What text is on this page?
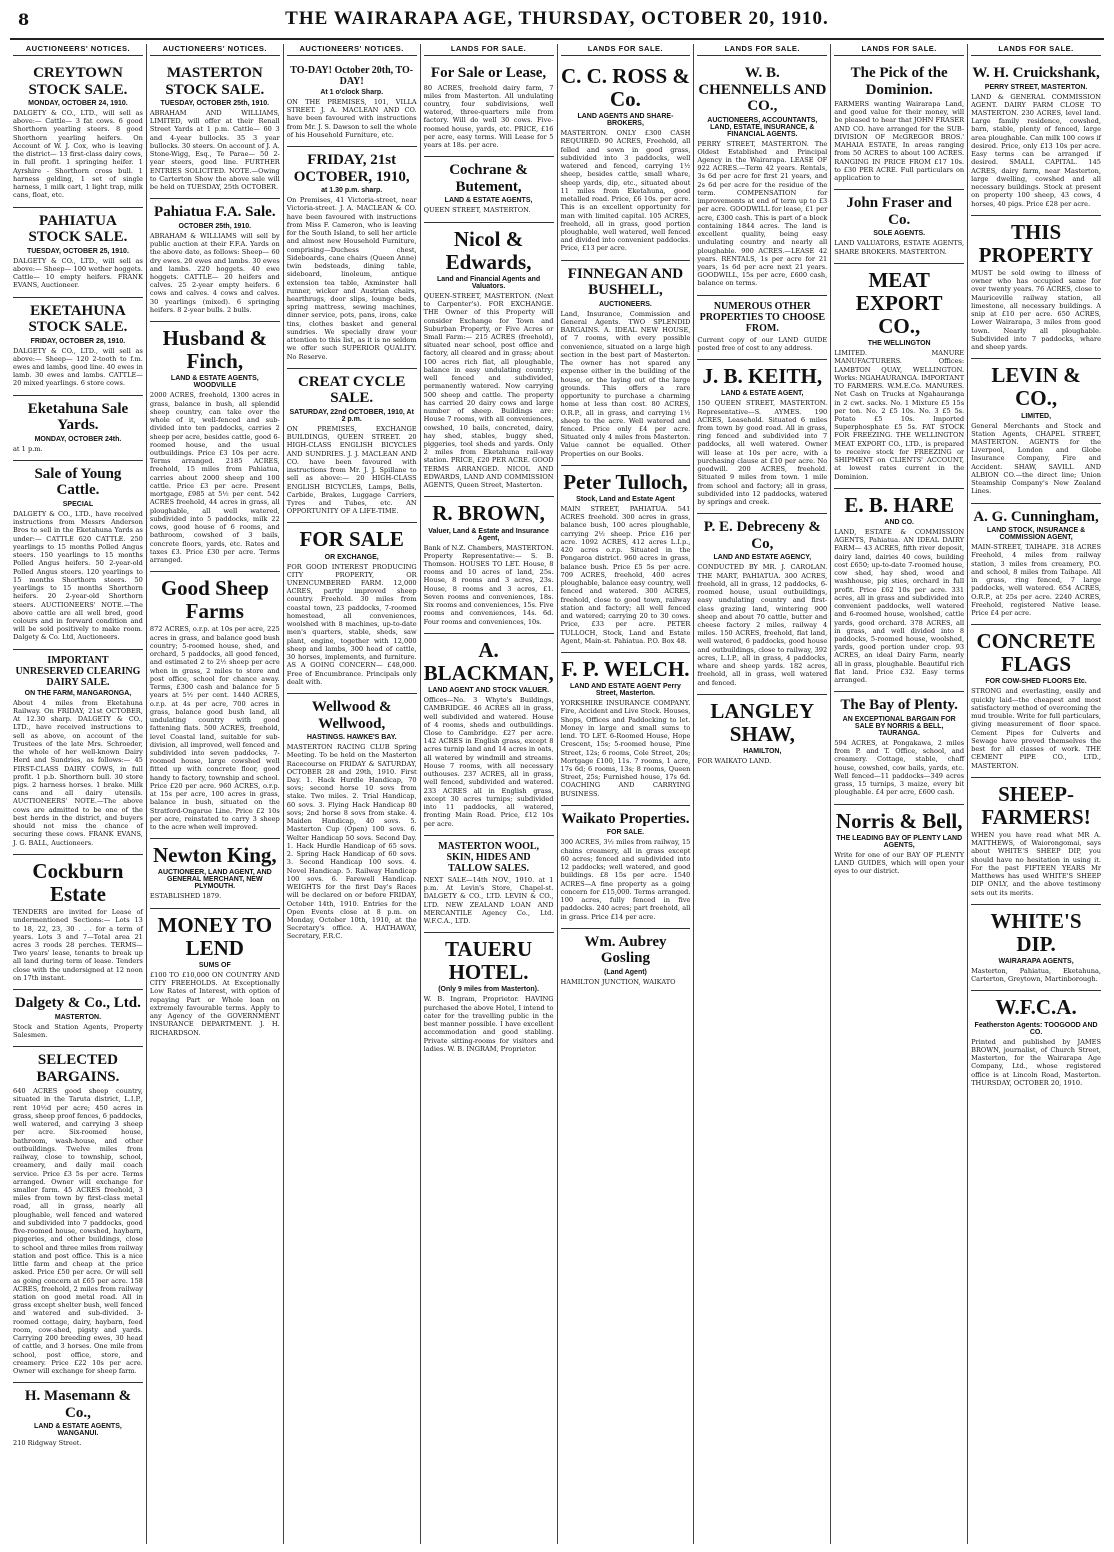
8	THE WAIRARAPA AGE, THURSDAY, OCTOBER 20, 1910.
AUCTIONEERS' NOTICES.
CREYTOWN STOCK SALE.
MONDAY, OCTOBER 24, 1910.
DALGETY & CO., LTD., will sell as above:— Cattle— 3 fat cows. 6 good Shorthorn yearling steers. 8 good Shorthorn yearling heifers. On Account of W. J. Cox, who is leaving the district— 13 first-class dairy cows, in full profit. 1 springing heifer. 1 Ayrshire - Shorthorn cross bull. 1 harness gelding, 1 set of single harness, 1 milk cart, 1 light trap, milk cans, float, etc.
PAHIATUA STOCK SALE.
TUESDAY, OCTOBER 25, 1910.
DALGETY & CO., LTD., will sell as above:— Sheep— 100 wether hoggets. Cattle— 10 empty heifers. FRANK EVANS, Auctioneer.
EKETAHUNA STOCK SALE.
FRIDAY, OCTOBER 28, 1910.
DALGETY & CO., LTD., will sell as above:— Sheep— 120 2-tooth to f.m. ewes and lambs, good line. 40 ewes in lamb. 30 ewes and lambs. CATTLE— 20 mixed yearlings. 6 store cows.
Eketahuna Sale Yards.
MONDAY, OCTOBER 24th.
at 1 p.m.
Sale of Young Cattle.
SPECIAL
DALGETY & CO., LTD., have received instructions from Messrs Anderson Bros to sell in the Eketahuna Yards as under:— CATTLE 620 CATTLE. 250 yearlings to 15 months Polled Angus steers. 150 yearlings to 15 months Polled Angus heifers. 50 2-year-old Polled Angus steers. 120 yearlings to 15 months Shorthorn steers. 50 yearlings to 15 months Shorthorn heifers. 20 2-year-old Shorthorn steers. AUCTIONEERS' NOTE.—The above cattle are all well bred, good colours and in forward condition and will be sold positively to make room. Dalgety & Co. Ltd, Auctioneers.
IMPORTANT UNRESERVED CLEARING DAIRY SALE.
ON THE FARM, MANGARONGA,
About 4 miles from Eketahuna Railway. On FRIDAY, 21st OCTOBER, At 12.30 sharp. DALGETY & CO., LTD., have received instructions to sell as above, on account of the Trustees of the late Mrs. Schroeder, the whole of her well-known Dairy Herd and Sundries, as follows:— 45 FIRST-CLASS DAIRY COWS, in full profit. 1 p.b. Shorthorn bull. 30 store pigs. 2 harness horses. 1 brake. Milk cans and all dairy utensils. AUCTIONEERS' NOTE.—The above cows are admitted to be one of the best herds in the district, and buyers should not miss the chance of securing these cows. FRANK EVANS, J. G. BALL, Auctioneers.
Cockburn Estate
TENDERS are invited for Lease of undermentioned Sections:— Lots 13 to 18, 22, 23, 30 . . . for a term of years. Lots 3 and 7—Total area 21 acres 3 roods 28 perches. TERMS—Two years' lease, tenants to break up all land during term of lease. Tenders close with the undersigned at 12 noon on 17th instant.
Dalgety & Co., Ltd.
MASTERTON.
Stock and Station Agents, Property Salesmen.
SELECTED BARGAINS.
640 ACRES good sheep country, situated in the Taruta district, L.I.P., rent 10½d per acre; 450 acres in grass, sheep proof fences, 6 paddocks, well watered, and carrying 3 sheep per acre. Six-roomed house, bathroom, wash-house, and other outbuildings. Twelve miles from railway, close to township, school, creamery, and daily mail coach service. Price £3 5s per acre. Terms arranged. Owner will exchange for smaller farm. 45 ACRES freehold, 3 miles from town by first-class metal road, all in grass, nearly all ploughable, well fenced and watered and subdivided into 7 paddocks, good five-roomed house, cowshed, haybarn, piggeries, and other buildings, close to school and three miles from railway station and post office. This is a nice little farm and cheap at the price asked. Price £50 per acre. Or will sell as going concern at £65 per acre. 158 ACRES, freehold, 2 miles from railway station on good metal road. All in grass except shelter bush, well fenced and watered and sub-divided. 3-roomed cottage, dairy, haybarn, feed room, cow-shed, pigsty and yards. Carrying 200 breeding ewes, 30 head of cattle, and 3 horses. One mile from school, post office, store, and creamery. Price £22 10s per acre. Owner will exchange for sheep farm.
H. Masemann & Co.,
LAND & ESTATE AGENTS, WANGANUI.
210 Ridgway Street.
AUCTIONEERS' NOTICES.
MASTERTON STOCK SALE.
TUESDAY, OCTOBER 25th, 1910.
ABRAHAM AND WILLIAMS, LIMITED, will offer at their Renall Street Yards at 1 p.m. Cattle— 60 3 and 4-year bullocks. 35 3 year bullocks. 30 steers. On account of J. A. Stone-Wigg, Esq., Te Parae— 50 2-year steers, good line. FURTHER ENTRIES SOLICITED. NOTE.—Owing to Carterton Show the above sale will be held on TUESDAY, 25th OCTOBER.
Pahiatua F.A. Sale.
OCTOBER 25th, 1910.
ABRAHAM & WILLIAMS will sell by public auction at their F.F.A. Yards on the above date, as follows: Sheep— 60 dry ewes. 20 ewes and lambs. 30 ewes and lambs. 220 hoggets. 40 ewe hoggets. CATTLE— 20 heifers and calves. 25 2-year empty heifers. 6 cows and calves. 4 cows and calves. 30 yearlings (mixed). 6 springing heifers. 8 2-year bulls. 2 bulls.
Husband & Finch,
LAND & ESTATE AGENTS, WOODVILLE
2000 ACRES, freehold, 1300 acres in grass, balance in bush, all splendid sheep country, can take over the whole of it, well-fenced and sub-divided into ten paddocks, carries 2 sheep per acre, besides cattle, good 6-roomed house, and the usual outbuildings. Price £3 10s per acre. Terms arranged. 2185 ACRES, freehold, 15 miles from Pahiatua, carries about 2000 sheep and 100 cattle. Price £3 per acre. Present mortgage, £985 at 5½ per cent. 542 ACRES freehold, 44 acres in grass, all ploughable, all well watered, subdivided into 5 paddocks, milk 22 cows, good house of 6 rooms, and bathroom, cowshed of 3 bails, concrete floors, yards, etc. Rates and taxes £3. Price £30 per acre. Terms arranged.
Good Sheep Farms
872 ACRES, o.r.p. at 10s per acre, 225 acres in grass, and balance good bush country; 5-roomed house, shed, and orchard, 5 paddocks, all good fenced, and estimated 2 to 2½ sheep per acre when in grass, 2 miles to store and post office, school for chance away. Terms, £300 cash and balance for 5 years at 5½ per cent. 1440 ACRES, o.r.p. at 4s per acre, 700 acres in grass, balance good bush land, all undulating country with good fattening flats. 500 ACRES, freehold, level Coastal land, suitable for sub-division, all improved, well fenced and subdivided into seven paddocks, 7-roomed house, large cowshed well fitted up with concrete floor, good handy to factory, township and school. Price £20 per acre. 960 ACRES, o.r.p. at 15s per acre, 100 acres in grass, balance in bush, situated on the Stratford-Ongarue Line. Price £2 10s per acre, reinstated to carry 3 sheep to the acre when well improved.
Newton King,
AUCTIONEER, LAND AGENT, AND GENERAL MERCHANT, NEW PLYMOUTH.
ESTABLISHED 1879.
MONEY TO LEND
SUMS OF
£100 TO £10,000 ON COUNTRY AND CITY FREEHOLDS. At Exceptionally Low Rates of Interest, with option of repaying Part or Whole loan on extremely favourable terms. Apply to any Agency of the GOVERNMENT INSURANCE DEPARTMENT. J. H. RICHARDSON.
AUCTIONEERS' NOTICES.
TO-DAY! October 20th, TO-DAY!
At 1 o'clock Sharp.
ON THE PREMISES, 101, VILLA STREET. J. A. MACLEAN AND CO. have been favoured with instructions from Mr. J. S. Dawson to sell the whole of his Household Furniture, etc.
FRIDAY, 21st OCTOBER, 1910,
at 1.30 p.m. sharp.
On Premises, 41 Victoria-street, near Victoria-street. J. A. MACLEAN & CO. have been favoured with instructions from Miss F. Cameron, who is leaving for the South Island, to sell her article and almost new Household Furniture, comprising—Duchess chest, Sideboards, cane chairs (Queen Anne) twin bedsteads, dining table, sideboard, linoleum, antique extension tea table, Axminster hall runner, wicker and Austrian chairs, hearthrugs, door slips, lounge beds, spring mattress, sewing machines, dinner service, pots, pans, irons, cake tins, clothes basket and general sundries. We specially draw your attention to this list, as it is no seldom we offer such SUPERIOR QUALITY. No Reserve.
CREAT CYCLE SALE.
SATURDAY, 22nd OCTOBER, 1910, At 2 p.m.
ON PREMISES, EXCHANGE BUILDINGS, QUEEN STREET. 20 HIGH-CLASS ENGLISH BICYCLES AND SUNDRIES. J. J. MACLEAN AND CO. have been favoured with instructions from Mr. J. J. Spillane to sell as above:— 20 HIGH-CLASS ENGLISH BICYCLES, Lamps, Bells, Carbide, Brakes, Luggage Carriers, Tyres and Tubes, etc. AN OPPORTUNITY OF A LIFE-TIME.
FOR SALE
OR EXCHANGE,
FOR GOOD INTEREST PRODUCING CITY PROPERTY, OR UNENCUMBERED FARM. 12,000 ACRES, partly improved sheep country. Freehold. 30 miles from coastal town, 23 paddocks, 7-roomed homestead, all conveniences, woolshed with 8 machines, up-to-date men's quarters, stable, sheds, saw plant, engine, together with 12,000 sheep and lambs, 300 head of cattle, 30 horses, implements, and furniture. AS A GOING CONCERN— £48,000. Free of Encumbrance. Principals only dealt with.
Wellwood & Wellwood,
HASTINGS. HAWKE'S BAY.
MASTERTON RACING CLUB Spring Meeting. To be held on the Masterton Racecourse on FRIDAY & SATURDAY, OCTOBER 28 and 29th, 1910. First Day. 1. Hack Hurdle Handicap, 70 sovs; second horse 10 sovs from stake. Two miles. 2. Trial Handicap, 60 sovs. 3. Flying Hack Handicap 80 sovs; 2nd horse 8 sovs from stake. 4. Maiden Handicap, 40 sovs. 5. Masterton Cup (Open) 100 sovs. 6. Welter Handicap 50 sovs. Second Day. 1. Hack Hurdle Handicap of 65 sovs. 2. Spring Hack Handicap of 60 sovs. 3. Second Handicap 100 sovs. 4. Novel Handicap. 5. Railway Handicap 100 sovs. 6. Farewell Handicap. WEIGHTS for the first Day's Races will be declared on or before FRIDAY, October 14th, 1910. Entries for the Open Events close at 8 p.m. on Monday, October 10th, 1910, at the Secretary's office. A. HATHAWAY, Secretary, F.R.C.
LANDS FOR SALE.
For Sale or Lease,
80 ACRES, freehold dairy farm, 7 miles from Masterton. All undulating country, four subdivisions, well watered, three-quarters mile from factory. Will do well 30 cows. Five-roomed house, yards, etc. PRICE, £16 per acre, easy terms. Will Lease for 5 years at 18s. per acre.
Cochrane & Butement,
LAND & ESTATE AGENTS,
QUEEN STREET, MASTERTON.
Nicol & Edwards,
Land and Financial Agents and Valuators.
QUEEN-STREET, MASTERTON. (Next to Carpenter's). FOR EXCHANGE. THE Owner of this Property will consider Exchange for Town and Suburban Property, or Five Acres or Small Farm:— 215 ACRES (freehold), situated near school, post office and factory, all cleared and in grass; about 100 acres rich flat, all ploughable, balance in easy undulating country; well fenced and subdivided, permanently watered. Now carrying 500 sheep and cattle. The property has carried 20 dairy cows and large number of sheep. Buildings are: House 7 rooms, with all conveniences, cowshed, 10 bails, concreted, dairy, hay shed, stables, buggy shed, piggeries, tool sheds and yards. Only 2 miles from Eketahuna rail-way station. PRICE, £20 PER ACRE. GOOD TERMS ARRANGED. NICOL AND EDWARDS, LAND AND COMMISSION AGENTS, Queen Street, Masterton.
R. BROWN,
Valuer, Land & Estate and Insurance Agent,
Bank of N.Z. Chambers, MASTERTON. Property Representative:— S. B. Thomson. HOUSES TO LET. House, 8 rooms and 10 acres of land, 25s. House, 8 rooms and 3 acres, 23s. House, 8 rooms and 3 acres, £1. Seven rooms and conveniences, 18s. Six rooms and conveniences, 15s. Five rooms and conveniences, 14s. 6d. Four rooms and conveniences, 10s.
A. BLACKMAN,
LAND AGENT AND STOCK VALUER.
Offices—No. 3 Whyte's Buildings, CAMBRIDGE. 46 ACRES all in grass, well subdivided and watered. House of 4 rooms, sheds and outbuildings. Close to Cambridge. £27 per acre. 142 ACRES in English grass, except 8 acres turnip land and 14 acres in oats, all watered by windmill and streams. House 7 rooms, with all necessary outhouses. 237 ACRES, all in grass, well fenced, subdivided and watered. 233 ACRES all in English grass, except 30 acres turnips; subdivided into 11 paddocks, all watered, fronting Main Road. Price, £12 10s per acre.
MASTERTON WOOL, SKIN, HIDES AND TALLOW SALES.
NEXT SALE—14th NOV., 1910. at 1 p.m. At Levin's Store, Chapel-st. DALGETY & CO., LTD. LEVIN & CO., LTD. NEW ZEALAND LOAN AND MERCANTILE Agency Co., Ltd. W.F.C.A., LTD.
TAUERU HOTEL.
(Only 9 miles from Masterton).
W. B. Ingram, Proprietor. HAVING purchased the above Hotel, I intend to cater for the travelling public in the best manner possible. I have excellent accommodation and good stabling. Private sitting-rooms for visitors and ladies. W. B. INGRAM, Proprietor.
LANDS FOR SALE.
C. C. ROSS & Co.
LAND AGENTS AND SHARE-BROKERS,
MASTERTON. ONLY £300 CASH REQUIRED. 90 ACRES, Freehold, all felled and sown in good grass, subdivided into 3 paddocks, well watered and fenced, carrying 1½ sheep, besides cattle, small whare, sheep yards, dip, etc., situated about 11 miles from Eketahuna, good metalled road. Price, £6 10s. per acre. This is an excellent opportunity for man with limited capital. 105 ACRES, freehold, all in grass, good portion ploughable, well watered, well fenced and divided into convenient paddocks. Price, £13 per acre.
FINNEGAN AND BUSHELL,
AUCTIONEERS.
Land, Insurance, Commission and General Agents. TWO SPLENDID BARGAINS. A. IDEAL NEW HOUSE, of 7 rooms, with every possible convenience, situated on a large high section in the best part of Masterton. The owner has not spared any expense either in the building of the house, or the laying out of the large grounds. This offers a rare opportunity to purchase a charming home at less than cost. 80 ACRES, O.R.P., all in grass, and carrying 1½ sheep to the acre. Well watered and fenced. Price only £4 per acre. Situated only 4 miles from Masterton. Value cannot be equalled. Other Properties on our Books.
Peter Tulloch,
Stock, Land and Estate Agent
MAIN STREET, PAHIATUA. 541 ACRES freehold. 300 acres in grass, balance bush, 100 acres ploughable, carrying 2½ sheep. Price £16 per acre. 1092 ACRES, 412 acres L.I.p., 420 acres o.r.p. Situated in the Pongaroa district. 960 acres in grass, balance bush. Price £5 5s per acre. 709 ACRES, freehold, 400 acres ploughable, balance easy country, well fenced and watered. 300 ACRES, freehold, close to good town, railway station and factory; all well fenced and watered; carrying 20 to 30 cows. Price, £33 per acre. PETER TULLOCH, Stock, Land and Estate Agent, Main-st. Pahiatua. P.O. Box 48.
F. P. WELCH.
LAND AND ESTATE AGENT Perry Street, Masterton.
YORKSHIRE INSURANCE COMPANY. Fire, Accident and Live Stock. Houses, Shops, Offices and Paddocking to let. Money in large and small sums to lend. TO LET. 6-Roomed House, Hope Crescent, 15s; 5-roomed house, Pine Street, 12s; 6 rooms, Cole Street, 20s; Mortgage £100, 11s. 7 rooms, 1 acre, 17s 6d; 6 rooms, 13s; 8 rooms, Queen Street, 25s; Furnished house, 17s 6d. COACHING AND CARRYING BUSINESS.
Waikato Properties.
FOR SALE.
300 ACRES, 3½ miles from railway, 15 chains creamery, all in grass except 60 acres; fenced and subdivided into 12 paddocks; well watered, and good buildings. £8 15s per acre. 1540 ACRES—A fine property as a going concern for £15,000. Terms arranged. 100 acres, fully fenced in five paddocks. 240 acres; part freehold, all in grass. Price £14 per acre.
Wm. Aubrey Gosling
(Land Agent)
HAMILTON JUNCTION, WAIKATO
LANDS FOR SALE.
W. B. CHENNELLS AND CO.,
AUCTIONEERS, ACCOUNTANTS, LAND, ESTATE, INSURANCE, & FINANCIAL AGENTS.
PERRY STREET, MASTERTON. The Oldest Established and Principal Agency in the Wairarapa. LEASE OF 922 ACRES.—Term 42 years. Rentals, 3s 6d per acre for first 21 years, and 2s 6d per acre for the residue of the term. COMPENSATION for improvements at end of term up to £3 per acre. GOODWILL for lease, £1 per acre, £300 cash. This is part of a block containing 1844 acres. The land is excellent quality, being easy undulating country and nearly all ploughable. 900 ACRES.—LEASE 42 years. RENTALS, 1s per acre for 21 years, 1s 6d per acre next 21 years. GOODWILL, 15s per acre, £600 cash, balance on terms.
NUMEROUS OTHER PROPERTIES TO CHOOSE FROM.
Current copy of our LAND GUIDE posted free of cost to any address.
J. B. KEITH,
LAND & ESTATE AGENT,
150 QUEEN STREET, MASTERTON. Representative—S. AYMES. 190 ACRES, Leasehold. Situated 6 miles from town by good road. All in grass, ring fenced and subdivided into 7 paddocks, all well watered. Owner will lease at 10s per acre, with a purchasing clause at £10 per acre. No goodwill. 200 ACRES, freehold. Situated 9 miles from town. 1 mile from school and factory; all in grass, subdivided into 12 paddocks, watered by springs and creek.
P. E. Debreceny & Co,
LAND AND ESTATE AGENCY,
CONDUCTED BY MR. J. CAROLAN. THE MART, PAHIATUA. 300 ACRES, freehold, all in grass, 12 paddocks, 6-roomed house, usual outbuildings, easy undulating country and first-class grazing land, wintering 900 sheep and about 70 cattle, butter and cheese factory 2 miles, railway 4 miles. 150 ACRES, freehold, flat land, well watered, 6 paddocks, good house and outbuildings, close to railway, 392 acres, L.I.P., all in grass, 4 paddocks, whare and sheep yards. 182 acres, freehold, all in grass, well watered and fenced.
LANGLEY SHAW,
HAMILTON,
FOR WAIKATO LAND.
LANDS FOR SALE.
The Pick of the Dominion.
FARMERS wanting Wairarapa Land, and good value for their money, will be pleased to hear that JOHN FRASER AND CO. have arranged for the SUB-DIVISION OF McGREGOR BROS.' MAHAIA ESTATE, In areas ranging from 50 ACRES to about 100 ACRES. RANGING IN PRICE FROM £17 10s. to £30 PER ACRE. Full particulars on application to
John Fraser and Co.
SOLE AGENTS.
LAND VALUATORS, ESTATE AGENTS, SHARE BROKERS. MASTERTON.
MEAT EXPORT CO.,
THE WELLINGTON
LIMITED. MANURE MANUFACTURERS. Offices: LAMBTON QUAY, WELLINGTON. Works: NGAHAURANGA. IMPORTANT TO FARMERS. W.M.E.Co. MANURES. Net Cash on Trucks at Ngahauranga in 2 cwt. sacks. No. 1 Mixture £5 15s per ton. No. 2 £5 10s. No. 3 £5 5s. Potato £5 10s. Imported Superphosphate £5 5s. FAT STOCK FOR FREEZING. THE WELLINGTON MEAT EXPORT CO., LTD., is prepared to receive stock for FREEZING or SHIPMENT on CLIENTS' ACCOUNT, at lowest rates current in the Dominion.
E. B. HARE
AND CO.
LAND, ESTATE & COMMISSION AGENTS, Pahiatua. AN IDEAL DAIRY FARM— 43 ACRES, fifth river deposit, dairy land, dairies 40 cows, building cost £650; up-to-date 7-roomed house, cow shed, hay shed, wood and washhouse, pig sties, orchard in full profit. Price £62 10s per acre. 331 acres, all in grass and subdivided into convenient paddocks, well watered and 6-roomed house, woolshed, cattle yards, good orchard. 378 ACRES, all in grass, and well divided into 8 paddocks, 5-roomed house, woolshed, yards, good portion under crop. 93 ACRES, an ideal Dairy Farm, nearly all in grass, ploughable. Beautiful rich flat land. Price £32. Easy terms arranged.
The Bay of Plenty.
AN EXCEPTIONAL BARGAIN FOR SALE BY NORRIS & BELL, TAURANGA.
594 ACRES, at Pongakawa, 2 miles from P. and T. Office, school, and creamery. Cottage, stable, chaff house, cowshed, cow bails, yards, etc. Well fenced—11 paddocks—349 acres grass, 15 turnips, 3 maize, every bit ploughable. £4 per acre, £600 cash.
Norris & Bell,
THE LEADING BAY OF PLENTY LAND AGENTS,
Write for one of our BAY OF PLENTY LAND GUIDES, which will open your eyes to our district.
LANDS FOR SALE.
W. H. Cruickshank,
PERRY STREET, MASTERTON.
LAND & GENERAL COMMISSION AGENT. DAIRY FARM CLOSE TO MASTERTON. 230 ACRES, level land. Large family residence, cowshed, barn, stable, plenty of fenced, large area ploughable. Can milk 100 cows if desired. Price, only £13 10s per acre. Easy terms can be arranged if desired. SMALL CAPITAL. 145 ACRES, dairy farm, near Masterton, large dwelling, cowshed and all necessary buildings. Stock at present on property 100 sheep, 43 cows, 4 horses, 40 pigs. Price £28 per acre.
THIS PROPERTY
MUST be sold owing to illness of owner who has occupied same for over twenty years. 76 ACRES, close to Mauriceville railway station, all limestone, all necessary buildings. A snip at £10 per acre. 650 ACRES, Lower Wairarapa, 3 miles from good town. Nearly all ploughable. Subdivided into 7 paddocks, whare and sheep yards.
LEVIN & CO.,
LIMITED,
General Merchants and Stock and Station Agents, CHAPEL STREET, MASTERTON. AGENTS for the Liverpool, London and Globe Insurance Company, Fire and Accident. SHAW, SAVILL AND ALBION CO.—the direct line; Union Steamship Company's New Zealand Lines.
A. G. Cunningham,
LAND STOCK, INSURANCE & COMMISSION AGENT,
MAIN-STREET, TAIHAPE. 318 ACRES Freehold, 4 miles from railway station, 3 miles from creamery, P.O. and school, 8 miles from Taihape. All in grass, ring fenced, 7 large paddocks, well watered. 654 ACRES, O.R.P., at 25s per acre. 2240 ACRES, Freehold, registered Native lease. Price £4 per acre.
CONCRETE FLAGS
FOR COW-SHED FLOORS Etc.
STRONG and everlasting, easily and quickly laid—the cheapest and most satisfactory method of overcoming the mud trouble. Write for full particulars, giving measurement of floor space. Cement Pipes for Culverts and Sewage have proved themselves the best for all classes of work. THE CEMENT PIPE CO., LTD., MASTERTON.
SHEEP-FARMERS!
WHEN you have read what MR A. MATTHEWS, of Waiorongomai, says about WHITE'S SHEEP DIP, you should have no hesitation in using it. For the past FIFTEEN YEARS Mr Matthews has used WHITE'S SHEEP DIP ONLY, and the above testimony sets out its merits.
WHITE'S DIP.
WAIRARAPA AGENTS,
Masterton, Pahiatua, Eketahuna, Carterton, Greytown, Martinborough.
W.F.C.A.
Featherston Agents: TOOGOOD AND CO.
Printed and published by JAMES BROWN, journalist, of Church Street, Masterton, for the Wairarapa Age Company, Ltd., whose registered office is at Lincoln Road, Masterton. THURSDAY, OCTOBER 20, 1910.
